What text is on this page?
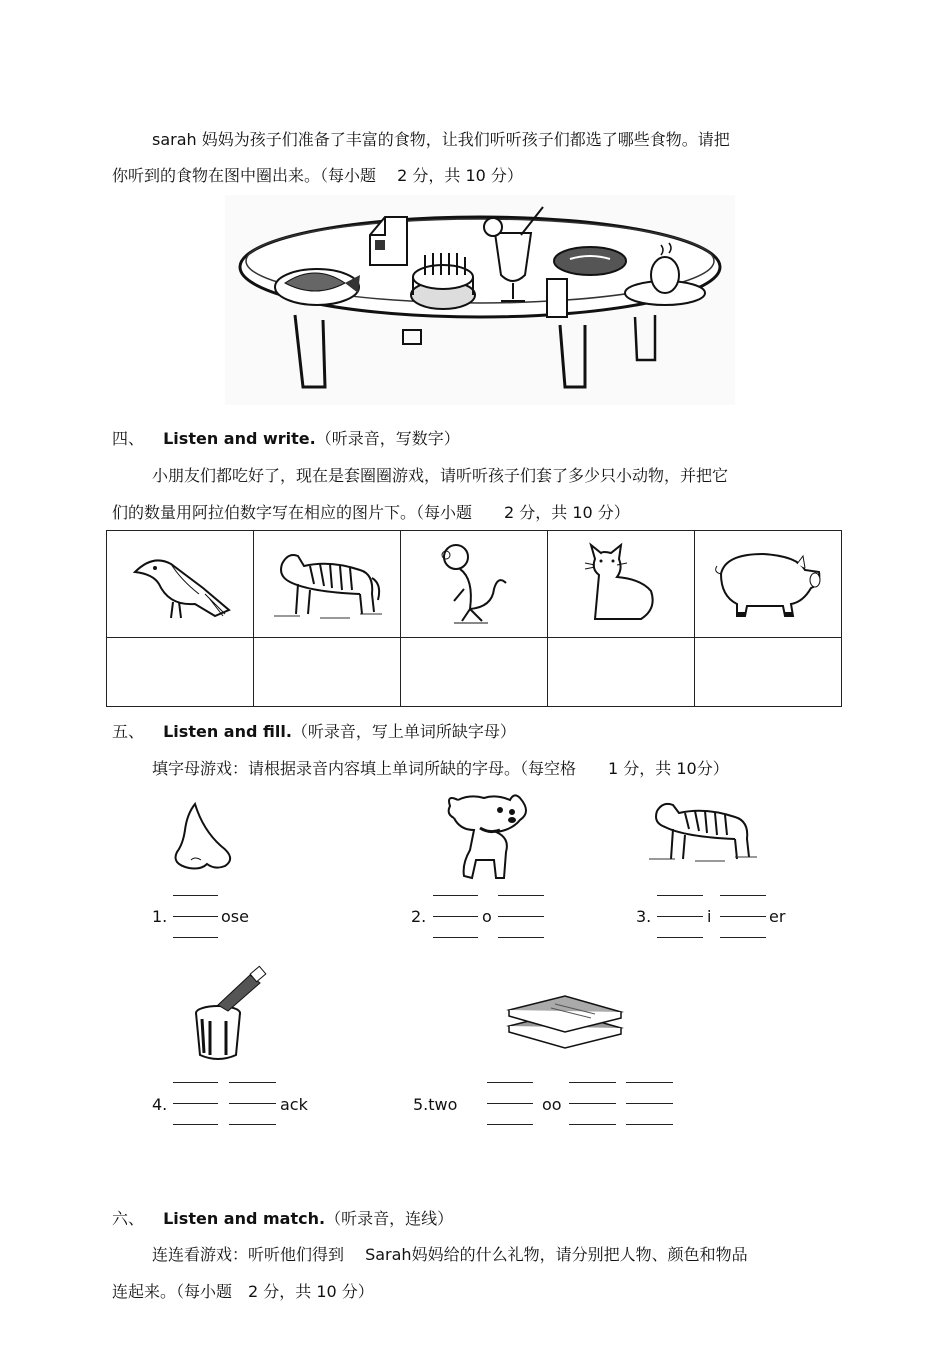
sarah 妈妈为孩子们准备了丰富的食物，让我们听听孩子们都选了哪些食物。请把
你听到的食物在图中圈出来。（每小题　 2 分，共 10 分）
四、 Listen and write.（听录音，写数字）
小朋友们都吃好了，现在是套圈圈游戏，请听听孩子们套了多少只小动物，并把它
们的数量用阿拉伯数字写在相应的图片下。（每小题　　2 分，共 10 分）

五、 Listen and fill.（听录音，写上单词所缺字母）
填字母游戏：请根据录音内容填上单词所缺的字母。（每空格　　1 分，共 10分）
1.	ose	2.	o	3.	i	er
4.	ack	5.two	oo
六、 Listen and match.（听录音，连线）
连连看游戏：听听他们得到　 Sarah妈妈给的什么礼物，请分别把人物、颜色和物品
连起来。（每小题　2 分，共 10 分）
